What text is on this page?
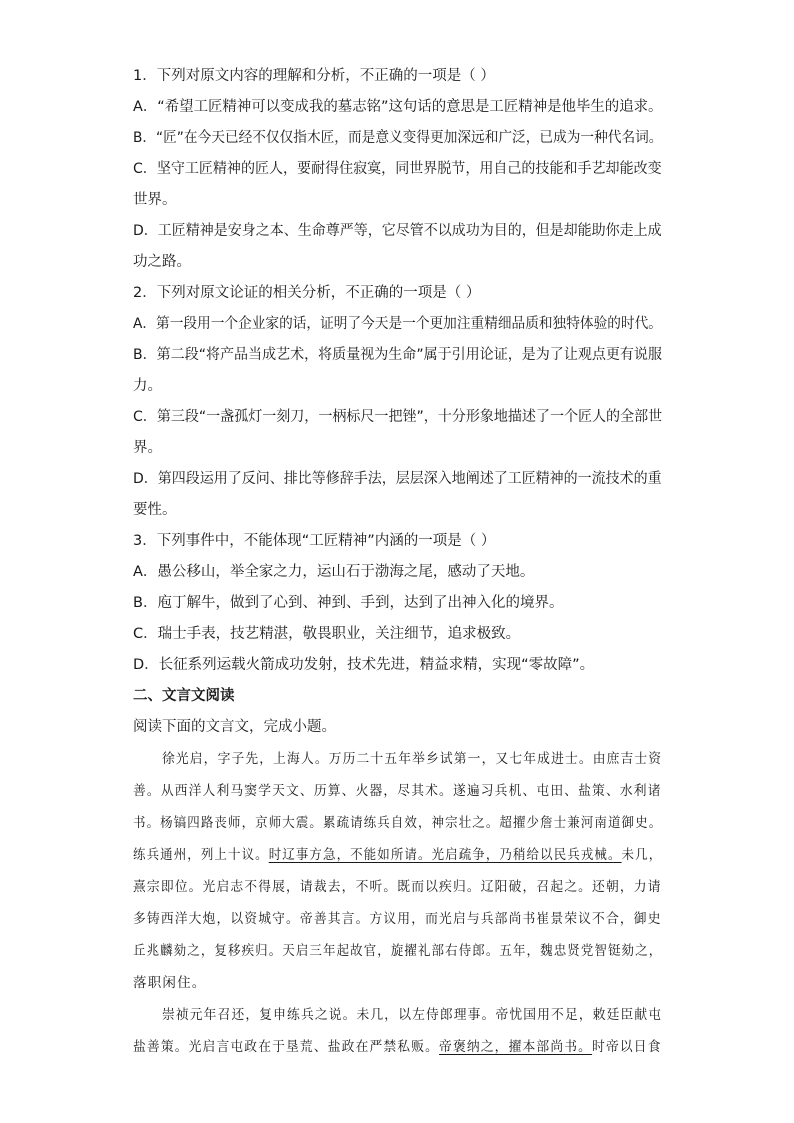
1．下列对原文内容的理解和分析，不正确的一项是（ ）

A．“希望工匠精神可以变成我的墓志铭”这句话的意思是工匠精神是他毕生的追求。

B．“匠”在今天已经不仅仅指木匠，而是意义变得更加深远和广泛，已成为一种代名词。

C．坚守工匠精神的匠人，要耐得住寂寞，同世界脱节，用自己的技能和手艺却能改变

世界。

D．工匠精神是安身之本、生命尊严等，它尽管不以成功为目的，但是却能助你走上成

功之路。

2．下列对原文论证的相关分析，不正确的一项是（ ）

A．第一段用一个企业家的话，证明了今天是一个更加注重精细品质和独特体验的时代。

B．第二段“将产品当成艺术，将质量视为生命”属于引用论证，是为了让观点更有说服

力。

C．第三段“一盏孤灯一刻刀，一柄标尺一把锉”，十分形象地描述了一个匠人的全部世

界。

D．第四段运用了反问、排比等修辞手法，层层深入地阐述了工匠精神的一流技术的重

要性。

3．下列事件中，不能体现“工匠精神”内涵的一项是（ ）

A．愚公移山，举全家之力，运山石于渤海之尾，感动了天地。

B．庖丁解牛，做到了心到、神到、手到，达到了出神入化的境界。

C．瑞士手表，技艺精湛，敬畏职业，关注细节，追求极致。

D．长征系列运载火箭成功发射，技术先进，精益求精，实现“零故障”。

二、文言文阅读

阅读下面的文言文，完成小题。

徐光启，字子先，上海人。万历二十五年举乡试第一，又七年成进士。由庶吉士资

善。从西洋人利马窦学天文、历算、火器，尽其术。遂遍习兵机、屯田、盐策、水利诸

书。杨镐四路丧师，京师大震。累疏请练兵自效，神宗壮之。超擢少詹士兼河南道御史。

练兵通州，列上十议。时辽事方急，不能如所请。光启疏争，乃稍给以民兵戎械。未几，

熹宗即位。光启志不得展，请裁去，不听。既而以疾归。辽阳破，召起之。还朝，力请

多铸西洋大炮，以资城守。帝善其言。方议用，而光启与兵部尚书崔景荣议不合，御史

丘兆麟劾之，复移疾归。天启三年起故官，旋擢礼部右侍郎。五年，魏忠贤党智铤劾之，

落职闲住。

崇祯元年召还，复申练兵之说。未几，以左侍郎理事。帝忧国用不足，敕廷臣献屯

盐善策。光启言屯政在于垦荒、盐政在严禁私贩。帝褒纳之，擢本部尚书。时帝以日食
